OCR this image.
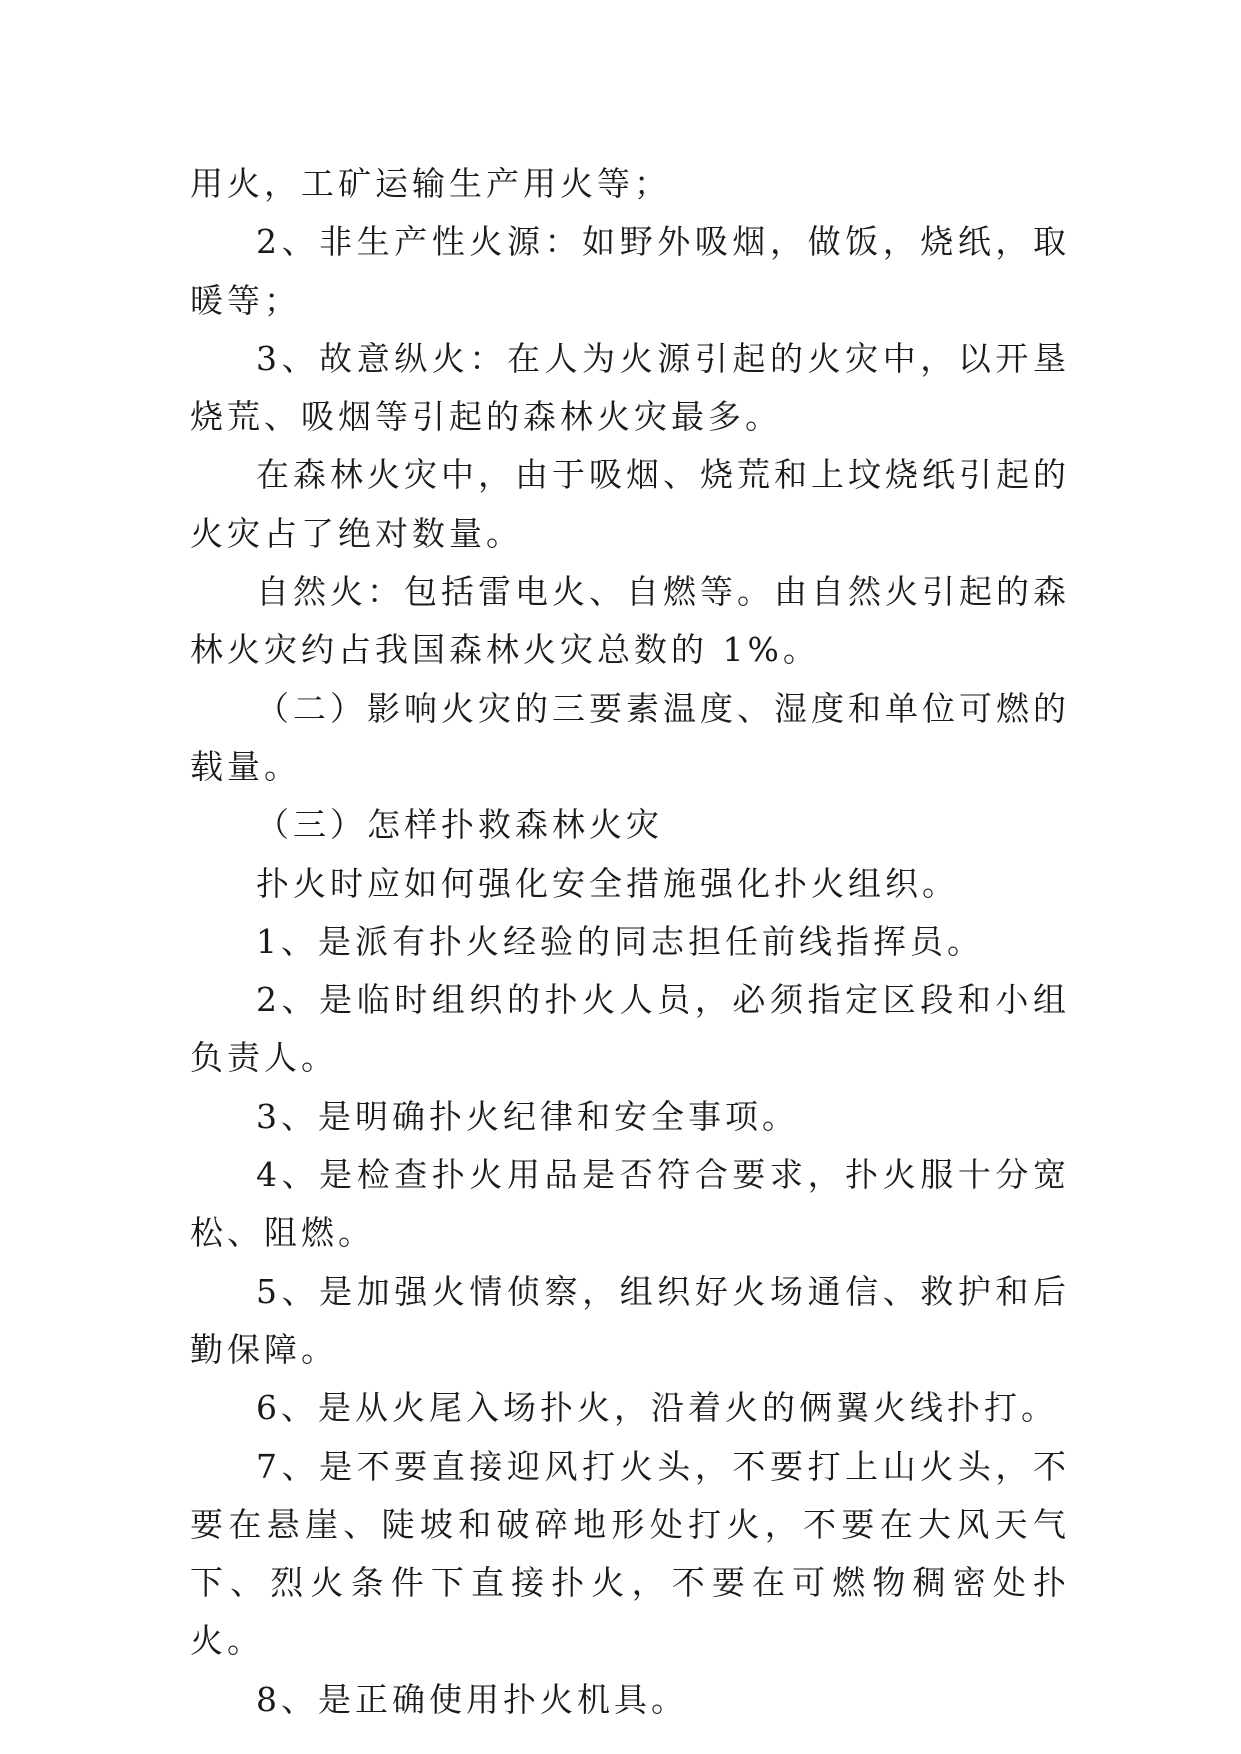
用火，工矿运输生产用火等；

2、非生产性火源：如野外吸烟，做饭，烧纸，取暖等；

3、故意纵火：在人为火源引起的火灾中，以开垦烧荒、吸烟等引起的森林火灾最多。

在森林火灾中，由于吸烟、烧荒和上坟烧纸引起的火灾占了绝对数量。

自然火：包括雷电火、自燃等。由自然火引起的森林火灾约占我国森林火灾总数的 1%。

（二）影响火灾的三要素温度、湿度和单位可燃的载量。

（三）怎样扑救森林火灾

扑火时应如何强化安全措施强化扑火组织。

1、是派有扑火经验的同志担任前线指挥员。

2、是临时组织的扑火人员，必须指定区段和小组负责人。

3、是明确扑火纪律和安全事项。

4、是检查扑火用品是否符合要求，扑火服十分宽松、阻燃。

5、是加强火情侦察，组织好火场通信、救护和后勤保障。

6、是从火尾入场扑火，沿着火的俩翼火线扑打。

7、是不要直接迎风打火头，不要打上山火头，不要在悬崖、陡坡和破碎地形处打火，不要在大风天气下、烈火条件下直接扑火，不要在可燃物稠密处扑火。

8、是正确使用扑火机具。
